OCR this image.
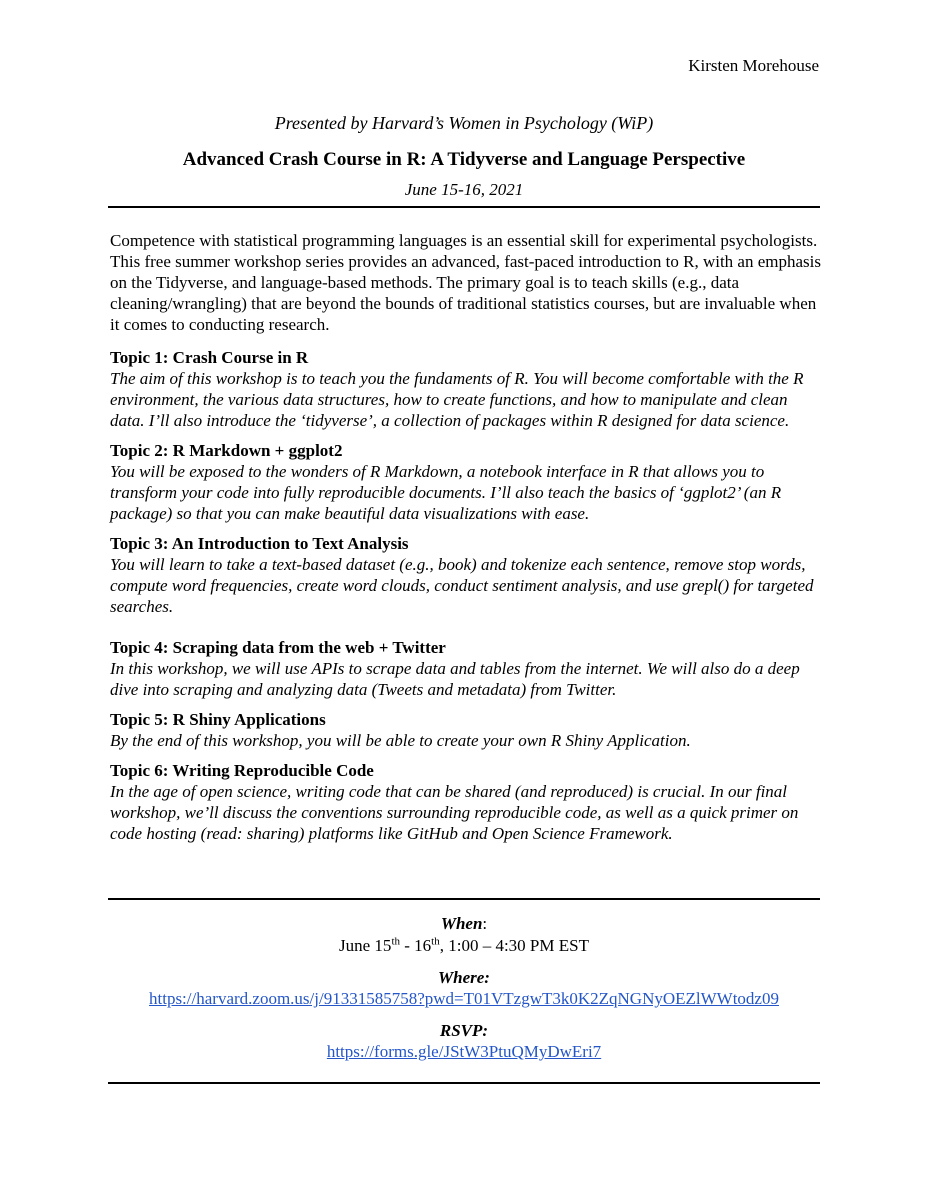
Kirsten Morehouse
Presented by Harvard’s Women in Psychology (WiP)
Advanced Crash Course in R: A Tidyverse and Language Perspective
June 15-16, 2021
Competence with statistical programming languages is an essential skill for experimental psychologists. This free summer workshop series provides an advanced, fast-paced introduction to R, with an emphasis on the Tidyverse, and language-based methods. The primary goal is to teach skills (e.g., data cleaning/wrangling) that are beyond the bounds of traditional statistics courses, but are invaluable when it comes to conducting research.
Topic 1: Crash Course in R
The aim of this workshop is to teach you the fundaments of R. You will become comfortable with the R environment, the various data structures, how to create functions, and how to manipulate and clean data. I’ll also introduce the ‘tidyverse’, a collection of packages within R designed for data science.
Topic 2: R Markdown + ggplot2
You will be exposed to the wonders of R Markdown, a notebook interface in R that allows you to transform your code into fully reproducible documents. I’ll also teach the basics of ‘ggplot2’ (an R package) so that you can make beautiful data visualizations with ease.
Topic 3: An Introduction to Text Analysis
You will learn to take a text-based dataset (e.g., book) and tokenize each sentence, remove stop words, compute word frequencies, create word clouds, conduct sentiment analysis, and use grepl() for targeted searches.
Topic 4: Scraping data from the web + Twitter
In this workshop, we will use APIs to scrape data and tables from the internet. We will also do a deep dive into scraping and analyzing data (Tweets and metadata) from Twitter.
Topic 5: R Shiny Applications
By the end of this workshop, you will be able to create your own R Shiny Application.
Topic 6: Writing Reproducible Code
In the age of open science, writing code that can be shared (and reproduced) is crucial. In our final workshop, we’ll discuss the conventions surrounding reproducible code, as well as a quick primer on code hosting (read: sharing) platforms like GitHub and Open Science Framework.
When:
June 15th - 16th, 1:00 – 4:30 PM EST
Where:
https://harvard.zoom.us/j/91331585758?pwd=T01VTzgwT3k0K2ZqNGNyOEZlWWtodz09
RSVP:
https://forms.gle/JStW3PtuQMyDwEri7
